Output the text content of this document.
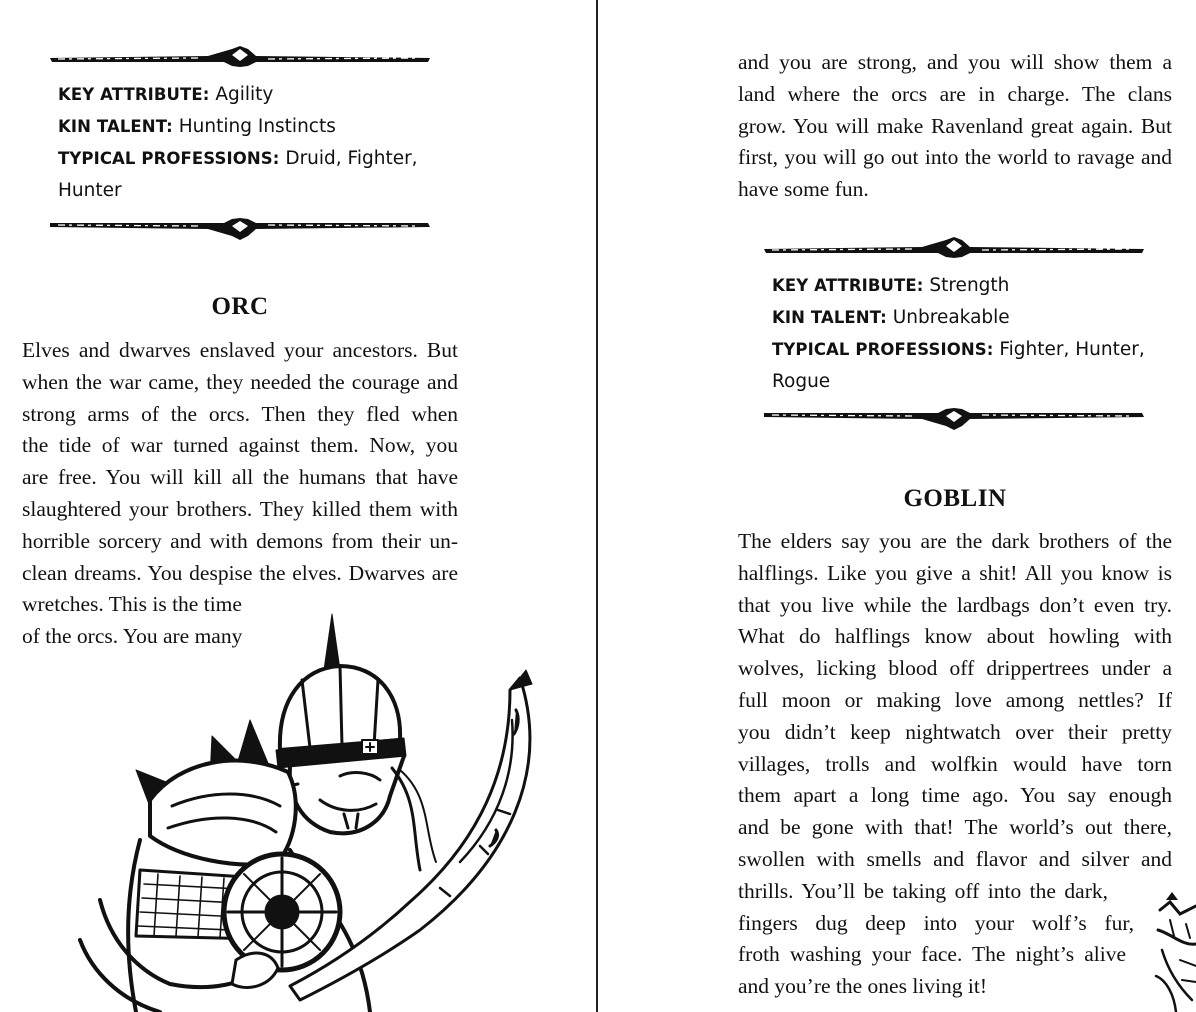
KEY ATTRIBUTE: Agility
KIN TALENT: Hunting Instincts
TYPICAL PROFESSIONS: Druid, Fighter,
Hunter
ORC
Elves and dwarves enslaved your ancestors. But
when the war came, they needed the courage and
strong arms of the orcs. Then they fled when
the tide of war turned against them. Now, you
are free. You will kill all the humans that have
slaughtered your brothers. They killed them with
horrible sorcery and with demons from their un-
clean dreams. You despise the elves. Dwarves are
wretches. This is the time
of the orcs. You are many
and you are strong, and you will show them a
land where the orcs are in charge. The clans
grow. You will make Ravenland great again. But
first, you will go out into the world to ravage and
have some fun.
KEY ATTRIBUTE: Strength
KIN TALENT: Unbreakable
TYPICAL PROFESSIONS: Fighter, Hunter,
Rogue
GOBLIN
The elders say you are the dark brothers of the
halflings. Like you give a shit! All you know is
that you live while the lardbags don’t even try.
What do halflings know about howling with
wolves, licking blood off drippertrees under a
full moon or making love among nettles? If
you didn’t keep nightwatch over their pretty
villages, trolls and wolfkin would have torn
them apart a long time ago. You say enough
and be gone with that! The world’s out there,
swollen with smells and flavor and silver and
thrills. You’ll be taking off into the dark,
fingers dug deep into your wolf’s fur,
froth washing your face. The night’s alive
and you’re the ones living it!
